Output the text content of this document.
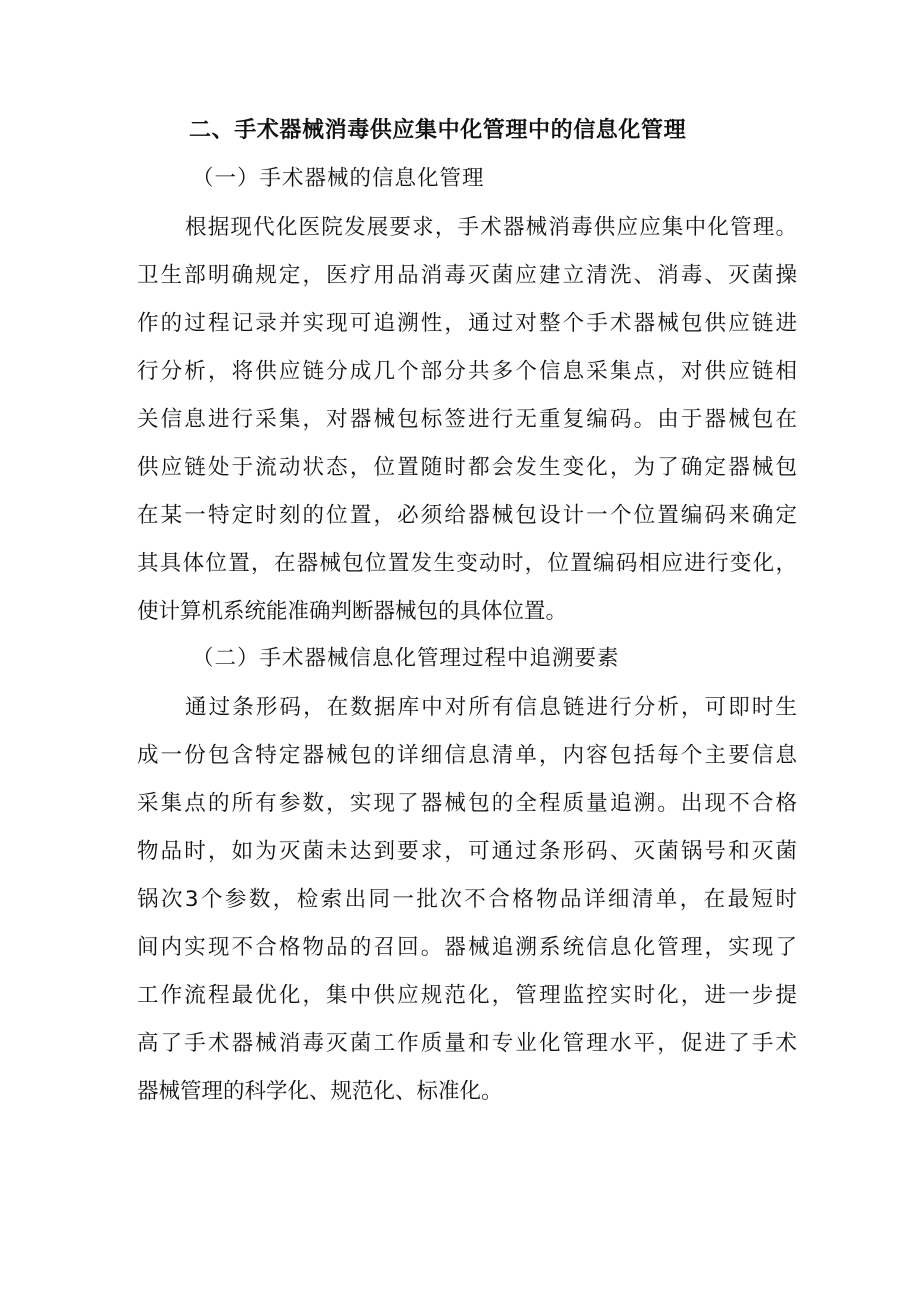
二、手术器械消毒供应集中化管理中的信息化管理
（一）手术器械的信息化管理
根据现代化医院发展要求，手术器械消毒供应应集中化管理。
卫生部明确规定，医疗用品消毒灭菌应建立清洗、消毒、灭菌操
作的过程记录并实现可追溯性，通过对整个手术器械包供应链进
行分析，将供应链分成几个部分共多个信息采集点，对供应链相
关信息进行采集，对器械包标签进行无重复编码。由于器械包在
供应链处于流动状态，位置随时都会发生变化，为了确定器械包
在某一特定时刻的位置，必须给器械包设计一个位置编码来确定
其具体位置，在器械包位置发生变动时，位置编码相应进行变化，
使计算机系统能准确判断器械包的具体位置。
（二）手术器械信息化管理过程中追溯要素
通过条形码，在数据库中对所有信息链进行分析，可即时生
成一份包含特定器械包的详细信息清单，内容包括每个主要信息
采集点的所有参数，实现了器械包的全程质量追溯。出现不合格
物品时，如为灭菌未达到要求，可通过条形码、灭菌锅号和灭菌
锅次3个参数，检索出同一批次不合格物品详细清单，在最短时
间内实现不合格物品的召回。器械追溯系统信息化管理，实现了
工作流程最优化，集中供应规范化，管理监控实时化，进一步提
高了手术器械消毒灭菌工作质量和专业化管理水平，促进了手术
器械管理的科学化、规范化、标准化。
